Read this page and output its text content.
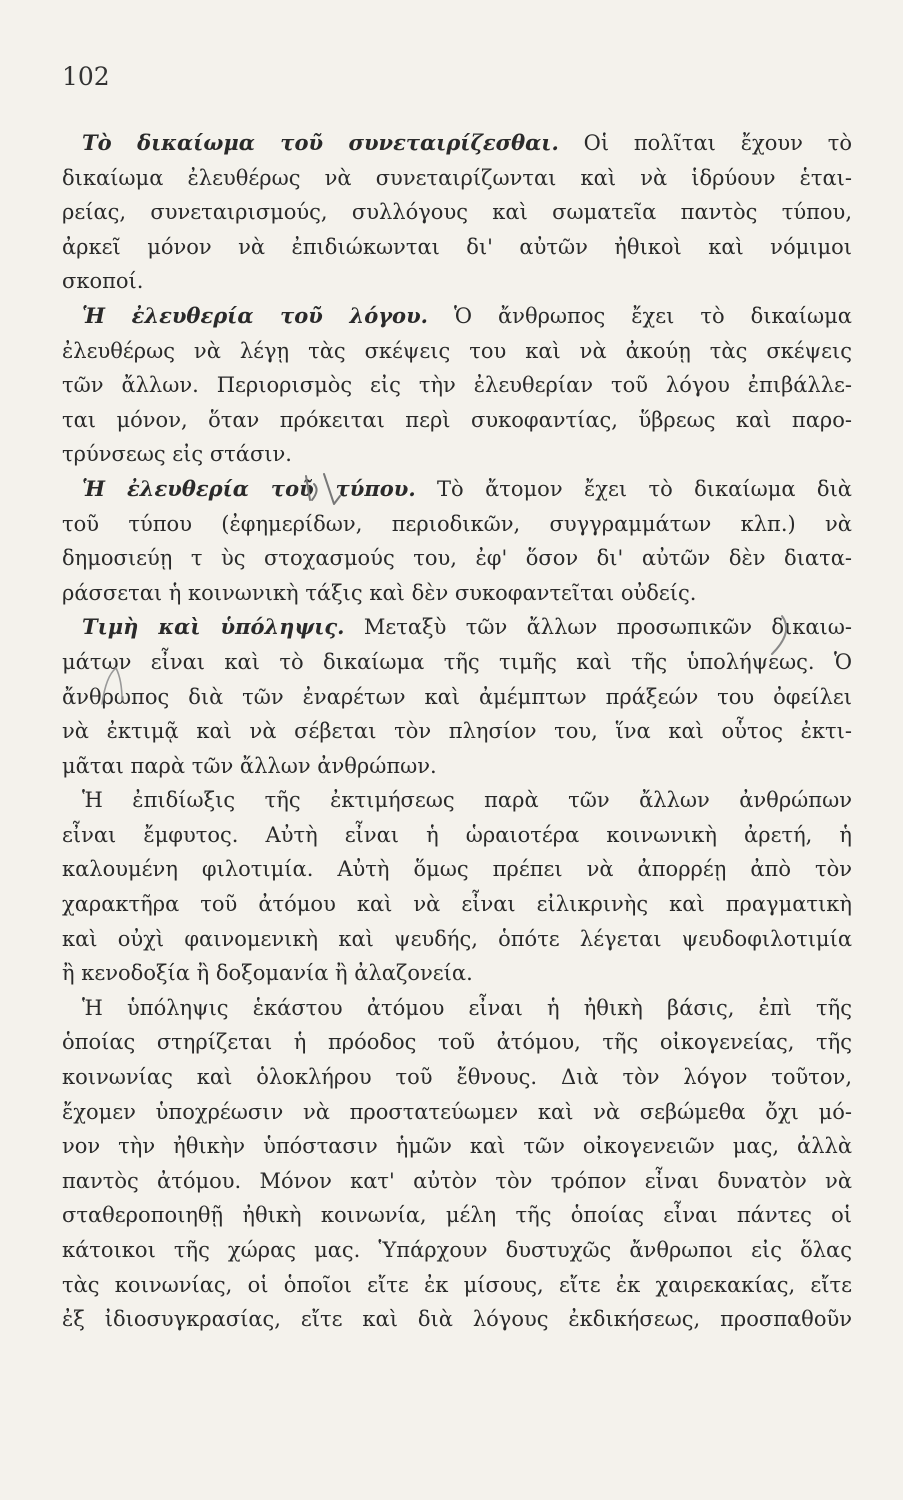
102
Τὸ δικαίωμα τοῦ συνεταιρίζεσθαι. Οἱ πολῖται ἔχουν τὸ
δικαίωμα ἐλευθέρως νὰ συνεταιρίζωνται καὶ νὰ ἱδρύουν ἑται-
ρείας, συνεταιρισμούς, συλλόγους καὶ σωματεῖα παντὸς τύπου,
ἀρκεῖ μόνον νὰ ἐπιδιώκωνται δι' αὐτῶν ἠθικοὶ καὶ νόμιμοι
σκοποί.
Ἡ ἐλευθερία τοῦ λόγου. Ὁ ἄνθρωπος ἔχει τὸ δικαίωμα
ἐλευθέρως νὰ λέγῃ τὰς σκέψεις του καὶ νὰ ἀκούῃ τὰς σκέψεις
τῶν ἄλλων. Περιορισμὸς εἰς τὴν ἐλευθερίαν τοῦ λόγου ἐπιβάλλε-
ται μόνον, ὅταν πρόκειται περὶ συκοφαντίας, ὕβρεως καὶ παρο-
τρύνσεως εἰς στάσιν.
Ἡ ἐλευθερία τοῦ τύπου. Τὸ ἄτομον ἔχει τὸ δικαίωμα διὰ
τοῦ τύπου (ἐφημερίδων, περιοδικῶν, συγγραμμάτων κλπ.) νὰ
δημοσιεύῃ τ ὺς στοχασμούς του, ἐφ' ὅσον δι' αὐτῶν δὲν διατα-
ράσσεται ἡ κοινωνικὴ τάξις καὶ δὲν συκοφαντεῖται οὐδείς.
Τιμὴ καὶ ὑπόληψις. Μεταξὺ τῶν ἄλλων προσωπικῶν δικαιω-
μάτων εἶναι καὶ τὸ δικαίωμα τῆς τιμῆς καὶ τῆς ὑπολήψεως. Ὁ
ἄνθρωπος διὰ τῶν ἐναρέτων καὶ ἀμέμπτων πράξεών του ὀφείλει
νὰ ἐκτιμᾷ καὶ νὰ σέβεται τὸν πλησίον του, ἵνα καὶ οὗτος ἐκτι-
μᾶται παρὰ τῶν ἄλλων ἀνθρώπων.
Ἡ ἐπιδίωξις τῆς ἐκτιμήσεως παρὰ τῶν ἄλλων ἀνθρώπων
εἶναι ἔμφυτος. Αὐτὴ εἶναι ἡ ὡραιοτέρα κοινωνικὴ ἀρετή, ἡ
καλουμένη φιλοτιμία. Αὐτὴ ὅμως πρέπει νὰ ἀπορρέῃ ἀπὸ τὸν
χαρακτῆρα τοῦ ἀτόμου καὶ νὰ εἶναι εἰλικρινὴς καὶ πραγματικὴ
καὶ οὐχὶ φαινομενικὴ καὶ ψευδής, ὁπότε λέγεται ψευδοφιλοτιμία
ἢ κενοδοξία ἢ δοξομανία ἢ ἀλαζονεία.
Ἡ ὑπόληψις ἑκάστου ἀτόμου εἶναι ἡ ἠθικὴ βάσις, ἐπὶ τῆς
ὁποίας στηρίζεται ἡ πρόοδος τοῦ ἀτόμου, τῆς οἰκογενείας, τῆς
κοινωνίας καὶ ὁλοκλήρου τοῦ ἔθνους. Διὰ τὸν λόγον τοῦτον,
ἔχομεν ὑποχρέωσιν νὰ προστατεύωμεν καὶ νὰ σεβώμεθα ὄχι μό-
νον τὴν ἠθικὴν ὑπόστασιν ἡμῶν καὶ τῶν οἰκογενειῶν μας, ἀλλὰ
παντὸς ἀτόμου. Μόνον κατ' αὐτὸν τὸν τρόπον εἶναι δυνατὸν νὰ
σταθεροποιηθῇ ἠθικὴ κοινωνία, μέλη τῆς ὁποίας εἶναι πάντες οἱ
κάτοικοι τῆς χώρας μας. Ὑπάρχουν δυστυχῶς ἄνθρωποι εἰς ὅλας
τὰς κοινωνίας, οἱ ὁποῖοι εἴτε ἐκ μίσους, εἴτε ἐκ χαιρεκακίας, εἴτε
ἐξ ἰδιοσυγκρασίας, εἴτε καὶ διὰ λόγους ἐκδικήσεως, προσπαθοῦν
